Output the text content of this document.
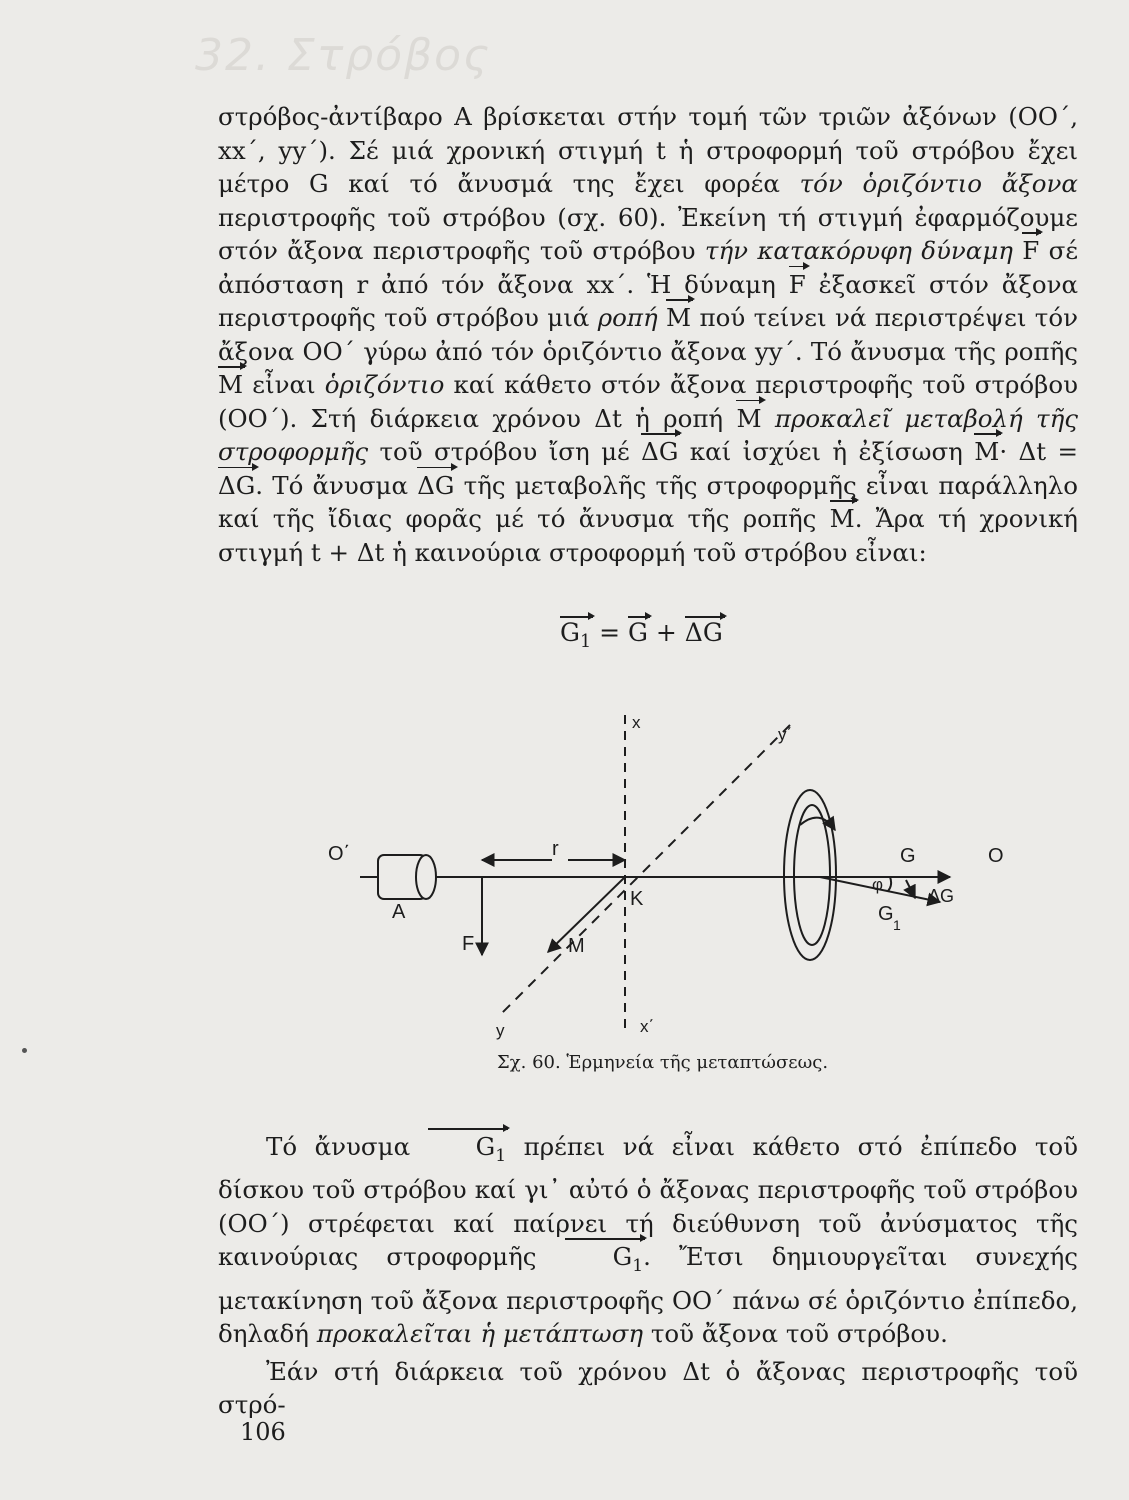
32. Στρόβος

στρόβος-ἀντίβαρο Α βρίσκεται στήν τομή τῶν τριῶν ἀξόνων (ΟΟ΄, xx΄, yy΄). Σέ μιά χρονική στιγμή t ἡ στροφορμή τοῦ στρόβου ἔχει μέτρο G καί τό ἄνυσμά της ἔχει φορέα τόν ὁριζόντιο ἄξονα περιστροφῆς τοῦ στρόβου (σχ. 60). Ἐκείνη τή στιγμή ἐφαρμόζουμε στόν ἄξονα περιστροφῆς τοῦ στρόβου τήν κατακόρυφη δύναμη F σέ ἀπόσταση r ἀπό τόν ἄξονα xx΄. Ἡ δύναμη F ἐξασκεῖ στόν ἄξονα περιστροφῆς τοῦ στρόβου μιά ροπή M πού τείνει νά περιστρέψει τόν ἄξονα ΟΟ΄ γύρω ἀπό τόν ὁριζόντιο ἄξονα yy΄. Τό ἄνυσμα τῆς ροπῆς M εἶναι ὁριζόντιο καί κάθετο στόν ἄξονα περιστροφῆς τοῦ στρόβου (ΟΟ΄). Στή διάρκεια χρόνου Δt ἡ ροπή M προκαλεῖ μεταβολή τῆς στροφορμῆς τοῦ στρόβου ἴση μέ ΔG καί ἰσχύει ἡ ἐξίσωση M· Δt = ΔG. Τό ἄνυσμα ΔG τῆς μεταβολῆς τῆς στροφορμῆς εἶναι παράλληλο καί τῆς ἴδιας φορᾶς μέ τό ἄνυσμα τῆς ροπῆς M. Ἄρα τή χρονική στιγμή t + Δt ἡ καινούρια στροφορμή τοῦ στρόβου εἶναι:

$G_1 = G + \Delta G$
O΄
A
r
K
F	M
x
x΄
y
y΄
G	O
φ
ΔG
G 1
Σχ. 60. Ἑρμηνεία τῆς μεταπτώσεως.

Τό ἄνυσμα	$G_1$ πρέπει νά εἶναι κάθετο στό ἐπίπεδο τοῦ δίσκου τοῦ στρόβου καί γι᾽ αὐτό ὁ ἄξονας περιστροφῆς τοῦ στρόβου (ΟΟ΄) στρέφεται καί παίρνει τή διεύθυνση τοῦ ἀνύσματος τῆς καινούριας στροφορμῆς	$G_1$. Ἔτσι δημιουργεῖται συνεχής μετακίνηση τοῦ ἄξονα περιστροφῆς ΟΟ΄ πάνω σέ ὁριζόντιο ἐπίπεδο, δηλαδή προκαλεῖται ἡ μετάπτωση τοῦ ἄξονα τοῦ στρόβου.

Ἐάν στή διάρκεια τοῦ χρόνου Δt ὁ ἄξονας περιστροφῆς τοῦ στρό-

106
